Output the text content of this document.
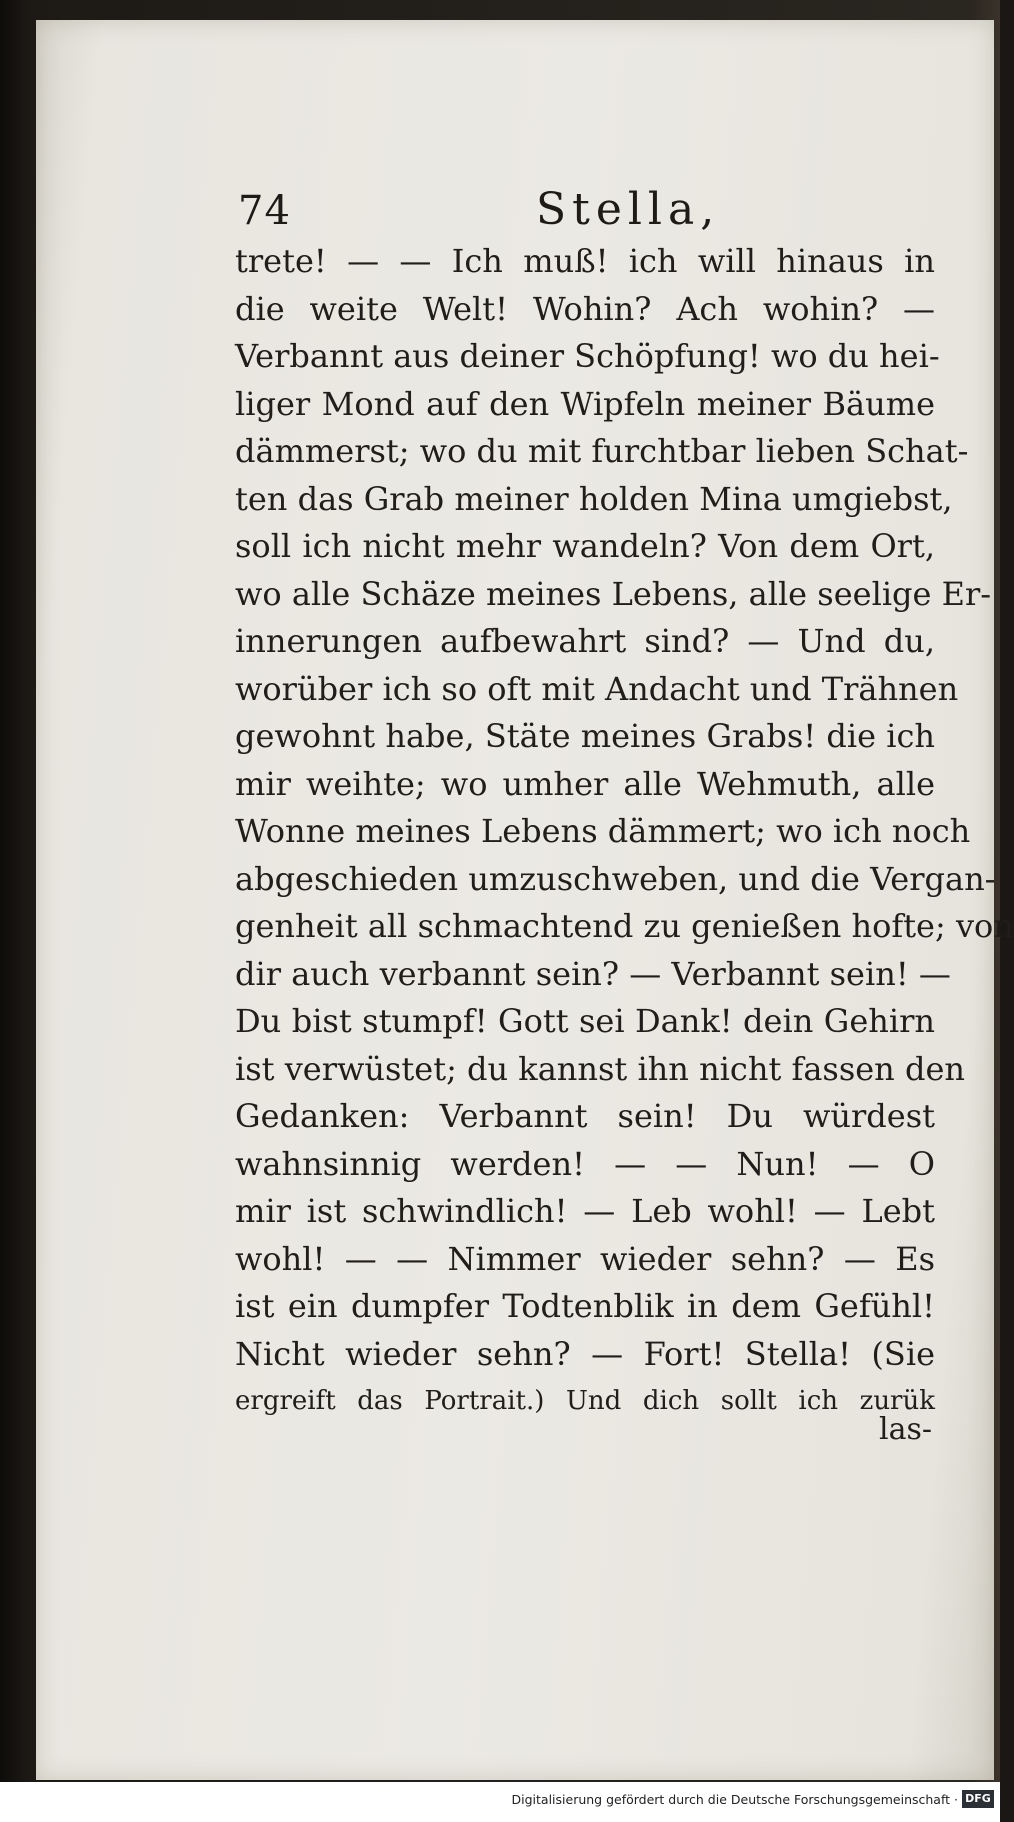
74	Stella,
trete! — — Ich muß! ich will hinaus in
die weite Welt! Wohin? Ach wohin? —
Verbannt aus deiner Schöpfung! wo du hei-
liger Mond auf den Wipfeln meiner Bäume
dämmerst; wo du mit furchtbar lieben Schat-
ten das Grab meiner holden Mina umgiebst,
soll ich nicht mehr wandeln? Von dem Ort,
wo alle Schäze meines Lebens, alle seelige Er-
innerungen aufbewahrt sind? — Und du,
worüber ich so oft mit Andacht und Trähnen
gewohnt habe, Stäte meines Grabs! die ich
mir weihte; wo umher alle Wehmuth, alle
Wonne meines Lebens dämmert; wo ich noch
abgeschieden umzuschweben, und die Vergan-
genheit all schmachtend zu genießen hofte; von
dir auch verbannt sein? — Verbannt sein! —
Du bist stumpf! Gott sei Dank! dein Gehirn
ist verwüstet; du kannst ihn nicht fassen den
Gedanken: Verbannt sein! Du würdest
wahnsinnig werden! — — Nun! — O
mir ist schwindlich! — Leb wohl! — Lebt
wohl! — — Nimmer wieder sehn? — Es
ist ein dumpfer Todtenblik in dem Gefühl!
Nicht wieder sehn? — Fort! Stella! (Sie
ergreift das Portrait.) Und dich sollt ich zurük
las-
Digitalisierung gefördert durch die Deutsche Forschungsgemeinschaft · DFG
